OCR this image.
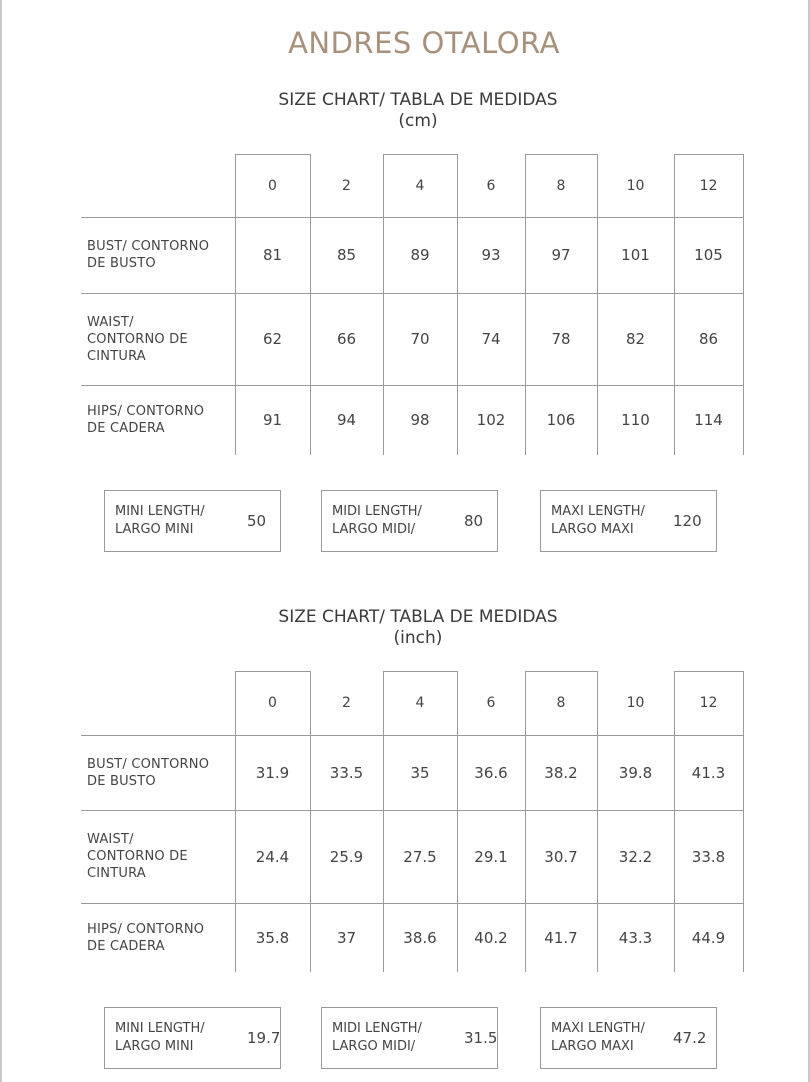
ANDRES OTALORA
SIZE CHART/ TABLA DE MEDIDAS
(cm)
0	2	4	6	8	10	12
BUST/ CONTORNO
DE BUSTO	81	85	89	93	97	101	105
WAIST/
CONTORNO DE
CINTURA
62	66	70	74	78	82	86
HIPS/ CONTORNO
DE CADERA	91	94	98	102	106	110	114
MINI LENGTH/
LARGO MINI	50
MIDI LENGTH/
LARGO MIDI/	80
MAXI LENGTH/
LARGO MAXI	120
SIZE CHART/ TABLA DE MEDIDAS
(inch)
0	2	4	6	8	10	12
BUST/ CONTORNO
DE BUSTO	31.9	33.5	35	36.6	38.2	39.8	41.3
WAIST/
CONTORNO DE
CINTURA
24.4	25.9	27.5	29.1	30.7	32.2	33.8
HIPS/ CONTORNO
DE CADERA	35.8	37	38.6	40.2	41.7	43.3	44.9
MINI LENGTH/
LARGO MINI	19.7
MIDI LENGTH/
LARGO MIDI/	31.5
MAXI LENGTH/
LARGO MAXI	47.2
